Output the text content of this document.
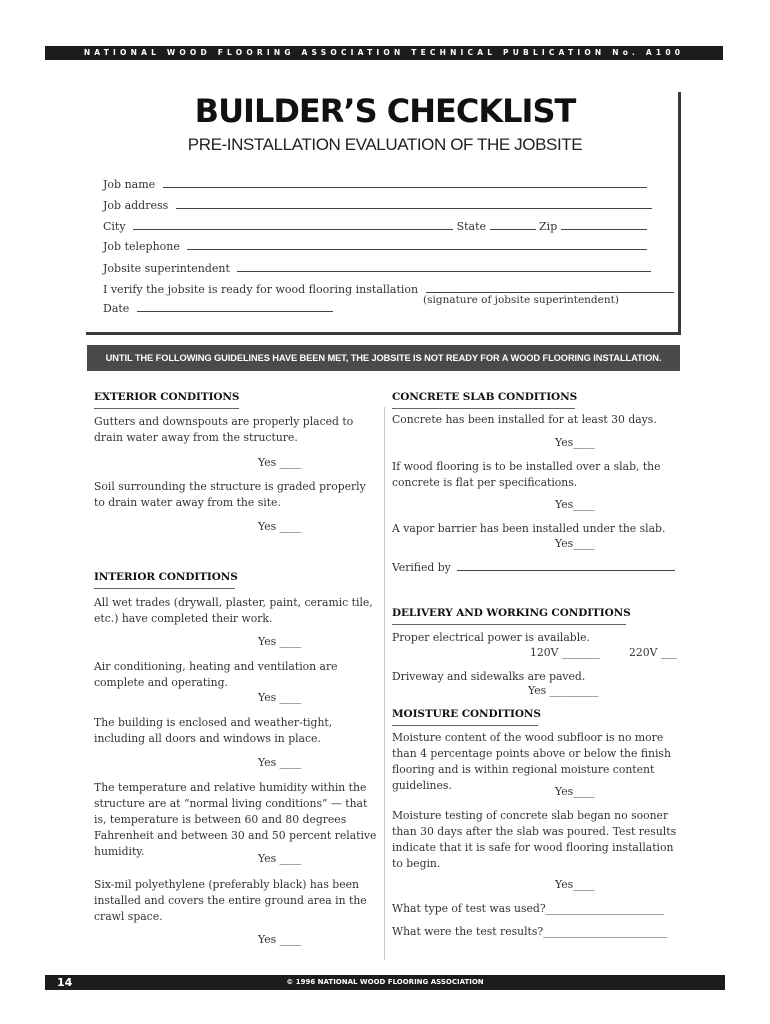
NATIONAL WOOD FLOORING ASSOCIATION TECHNICAL PUBLICATION No. A100
BUILDER’S CHECKLIST
PRE-INSTALLATION EVALUATION OF THE JOBSITE
Job name
Job address
City	State	Zip
Job telephone
Jobsite superintendent
I verify the jobsite is ready for wood flooring installation
(signature of jobsite superintendent)
Date
UNTIL THE FOLLOWING GUIDELINES HAVE BEEN MET, THE JOBSITE IS NOT READY FOR A WOOD FLOORING INSTALLATION.
EXTERIOR CONDITIONS
Gutters and downspouts are properly placed to drain water away from the structure.
Yes ____
Soil surrounding the structure is graded properly to drain water away from the site.
Yes ____
INTERIOR CONDITIONS
All wet trades (drywall, plaster, paint, ceramic tile, etc.) have completed their work.
Yes ____
Air conditioning, heating and ventilation are complete and operating.
Yes ____
The building is enclosed and weather-tight, including all doors and windows in place.
Yes ____
The temperature and relative humidity within the structure are at “normal living conditions” — that is, temperature is between 60 and 80 degrees Fahrenheit and between 30 and 50 percent relative humidity.
Yes ____
Six-mil polyethylene (preferably black) has been installed and covers the entire ground area in the crawl space.
Yes ____
CONCRETE SLAB CONDITIONS
Concrete has been installed for at least 30 days.
Yes____
If wood flooring is to be installed over a slab, the concrete is flat per specifications.
Yes____
A vapor barrier has been installed under the slab.
Yes____
Verified by
DELIVERY AND WORKING CONDITIONS
Proper electrical power is available.
120V _______	220V ___
Driveway and sidewalks are paved.
Yes _________
MOISTURE CONDITIONS
Moisture content of the wood subfloor is no more than 4 percentage points above or below the finish flooring and is within regional moisture content guidelines.	Yes____
Moisture testing of concrete slab began no sooner than 30 days after the slab was poured. Test results indicate that it is safe for wood flooring installation to begin.
Yes____
What type of test was used?______________________
What were the test results?_______________________
14	© 1996 NATIONAL WOOD FLOORING ASSOCIATION
